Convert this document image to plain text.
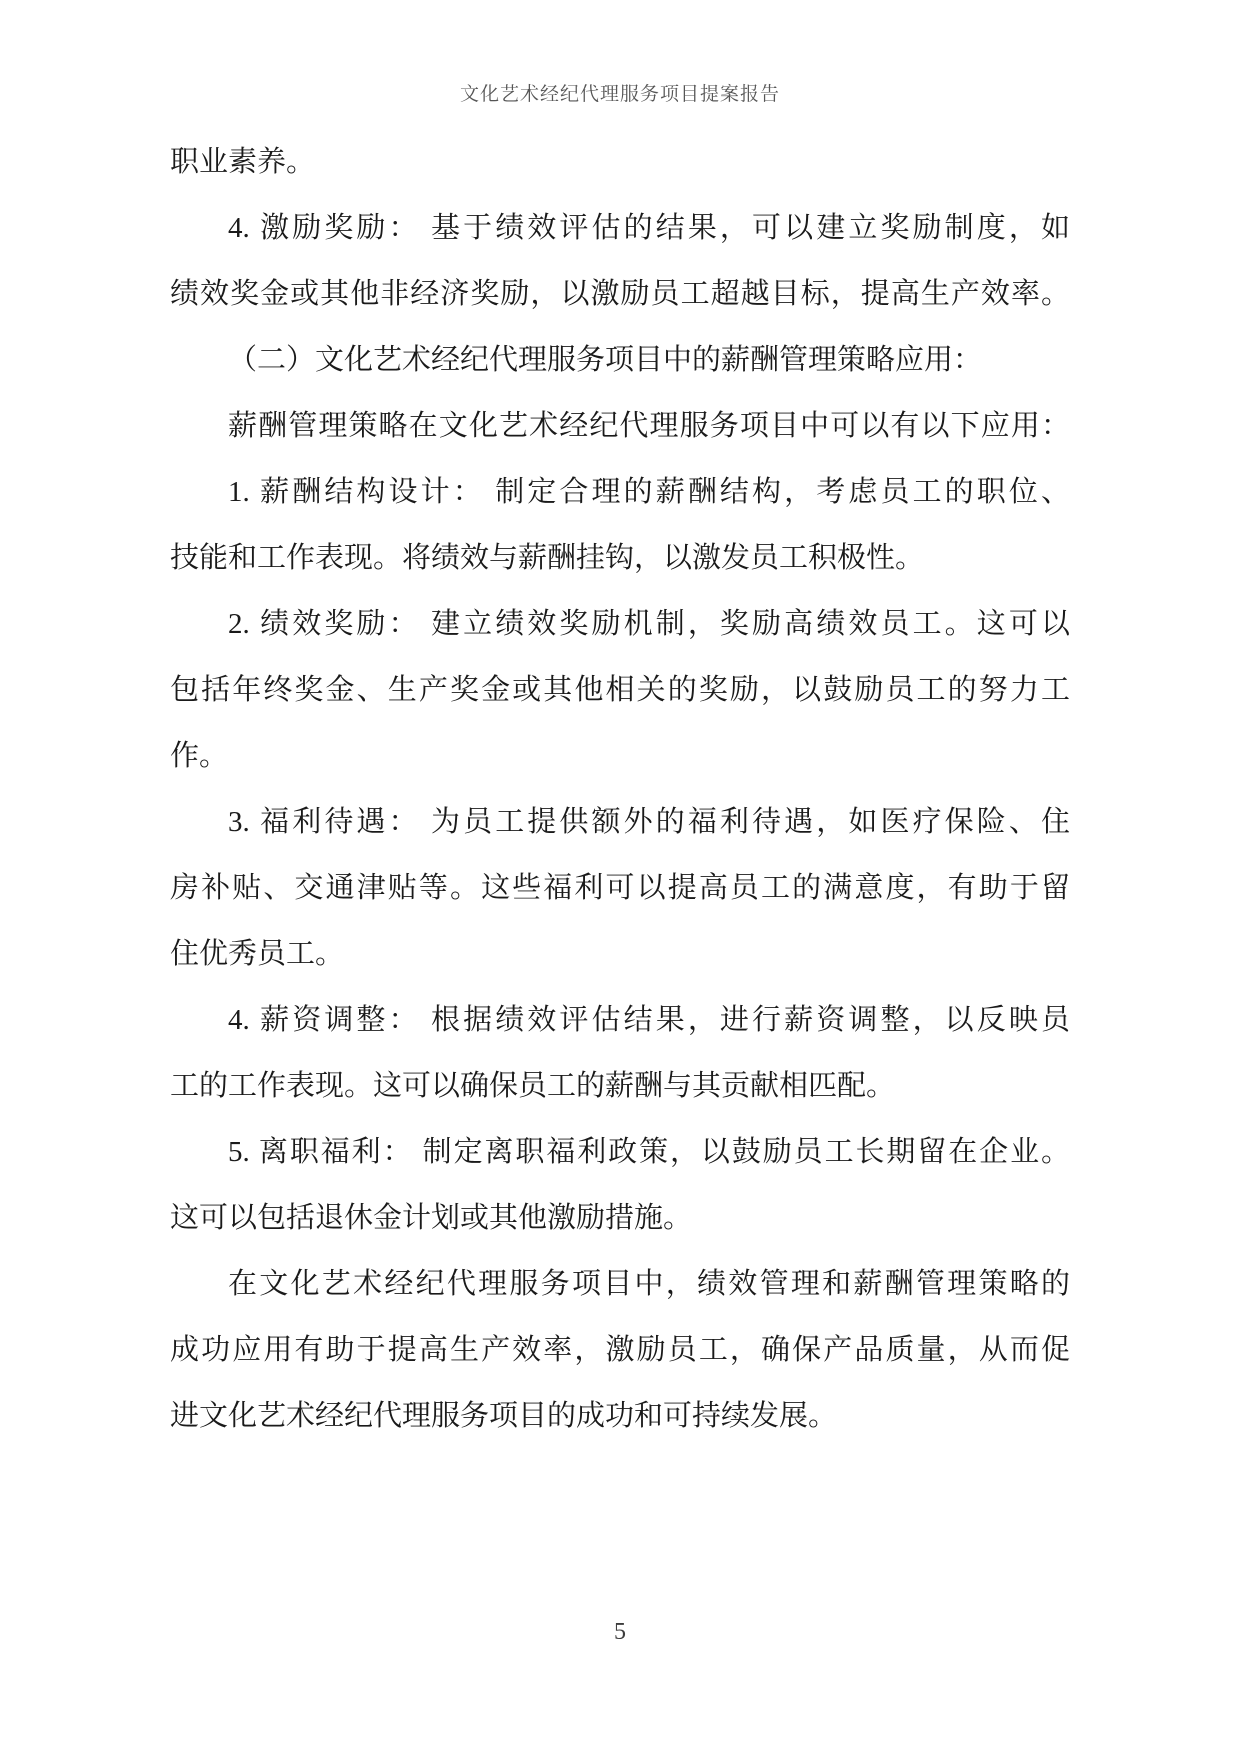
文化艺术经纪代理服务项目提案报告
职业素养。
4. 激励奖励： 基于绩效评估的结果，可以建立奖励制度，如
绩效奖金或其他非经济奖励，以激励员工超越目标，提高生产效率。
（二）文化艺术经纪代理服务项目中的薪酬管理策略应用：
薪酬管理策略在文化艺术经纪代理服务项目中可以有以下应用：
1. 薪酬结构设计： 制定合理的薪酬结构，考虑员工的职位、
技能和工作表现。将绩效与薪酬挂钩，以激发员工积极性。
2. 绩效奖励： 建立绩效奖励机制，奖励高绩效员工。这可以
包括年终奖金、生产奖金或其他相关的奖励，以鼓励员工的努力工
作。
3. 福利待遇： 为员工提供额外的福利待遇，如医疗保险、住
房补贴、交通津贴等。这些福利可以提高员工的满意度，有助于留
住优秀员工。
4. 薪资调整： 根据绩效评估结果，进行薪资调整，以反映员
工的工作表现。这可以确保员工的薪酬与其贡献相匹配。
5. 离职福利： 制定离职福利政策，以鼓励员工长期留在企业。
这可以包括退休金计划或其他激励措施。
在文化艺术经纪代理服务项目中，绩效管理和薪酬管理策略的
成功应用有助于提高生产效率，激励员工，确保产品质量，从而促
进文化艺术经纪代理服务项目的成功和可持续发展。
5
